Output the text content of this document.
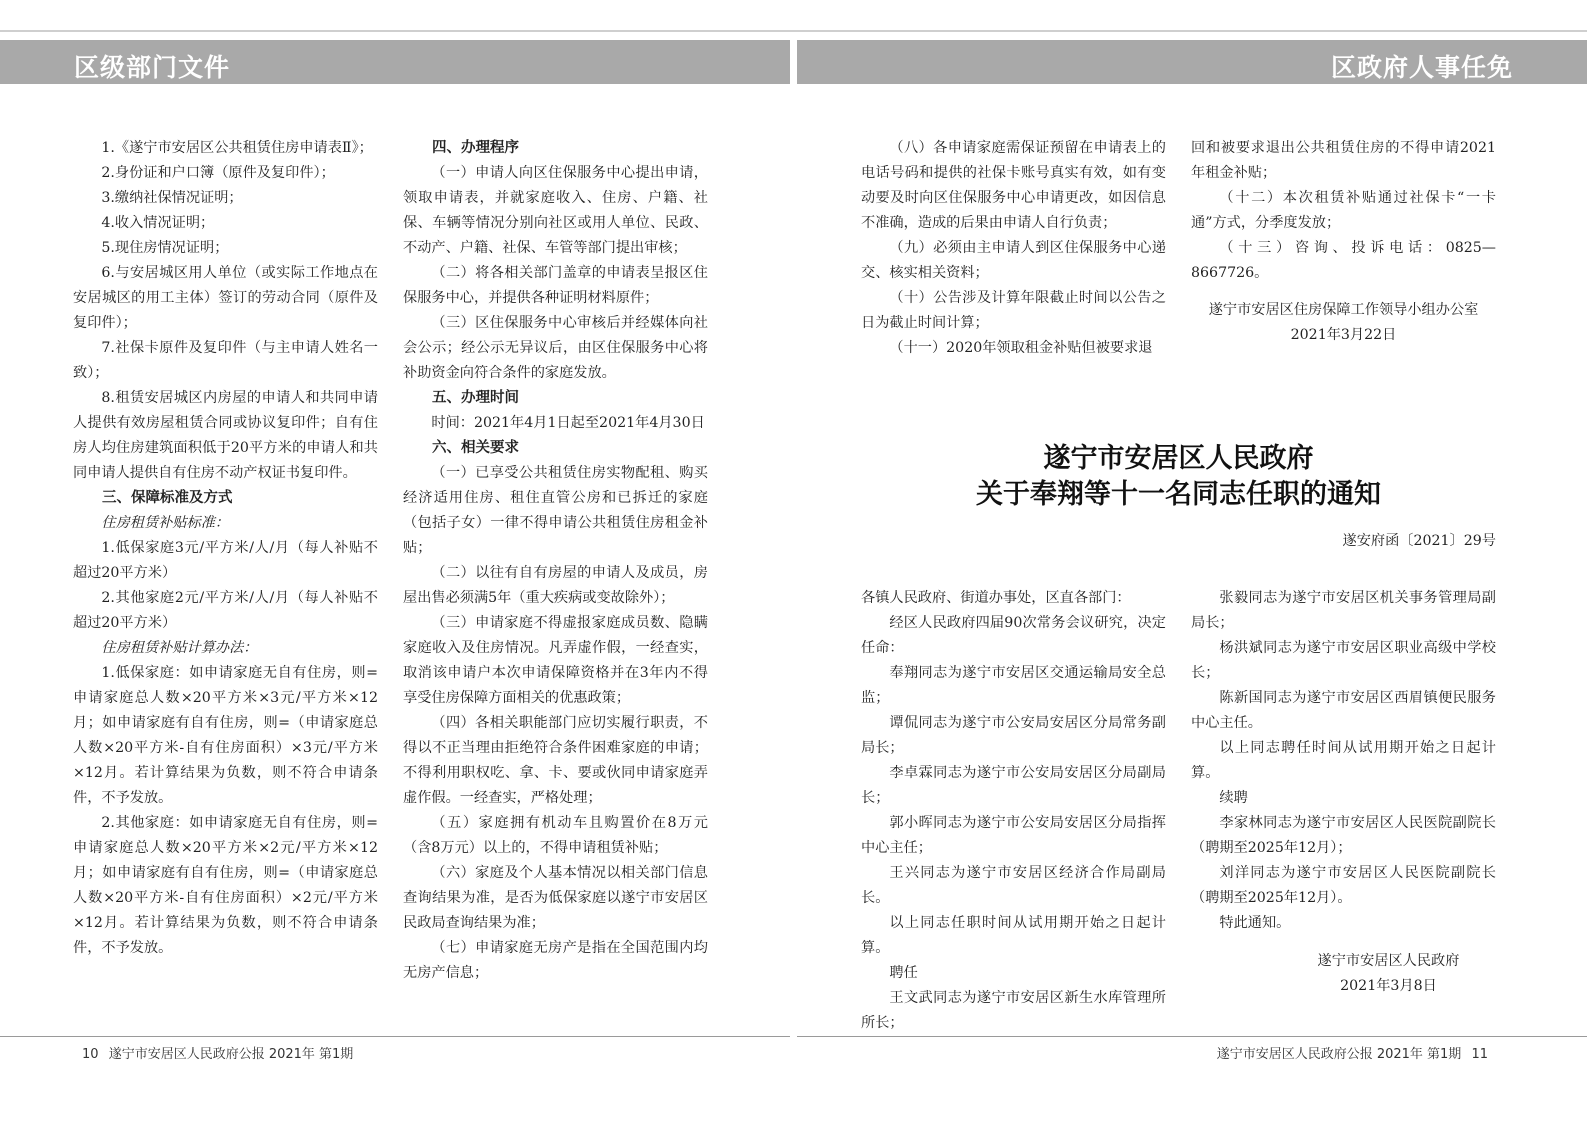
区级部门文件	区政府人事任免

1.《遂宁市安居区公共租赁住房申请表Ⅱ》；

2.身份证和户口簿（原件及复印件）；

3.缴纳社保情况证明；

4.收入情况证明；

5.现住房情况证明；

6.与安居城区用人单位（或实际工作地点在安居城区的用工主体）签订的劳动合同（原件及复印件）；

7.社保卡原件及复印件（与主申请人姓名一致）；

8.租赁安居城区内房屋的申请人和共同申请人提供有效房屋租赁合同或协议复印件；自有住房人均住房建筑面积低于20平方米的申请人和共同申请人提供自有住房不动产权证书复印件。

三、保障标准及方式

住房租赁补贴标准：

1.低保家庭3元/平方米/人/月（每人补贴不超过20平方米）

2.其他家庭2元/平方米/人/月（每人补贴不超过20平方米）

住房租赁补贴计算办法：

1.低保家庭：如申请家庭无自有住房，则=申请家庭总人数×20平方米×3元/平方米×12月；如申请家庭有自有住房，则=（申请家庭总人数×20平方米-自有住房面积）×3元/平方米×12月。若计算结果为负数，则不符合申请条件，不予发放。

2.其他家庭：如申请家庭无自有住房，则=申请家庭总人数×20平方米×2元/平方米×12月；如申请家庭有自有住房，则=（申请家庭总人数×20平方米-自有住房面积）×2元/平方米×12月。若计算结果为负数，则不符合申请条件，不予发放。

四、办理程序

（一）申请人向区住保服务中心提出申请，领取申请表，并就家庭收入、住房、户籍、社保、车辆等情况分别向社区或用人单位、民政、不动产、户籍、社保、车管等部门提出审核；

（二）将各相关部门盖章的申请表呈报区住保服务中心，并提供各种证明材料原件；

（三）区住保服务中心审核后并经媒体向社会公示；经公示无异议后，由区住保服务中心将补助资金向符合条件的家庭发放。

五、办理时间

时间：2021年4月1日起至2021年4月30日

六、相关要求

（一）已享受公共租赁住房实物配租、购买经济适用住房、租住直管公房和已拆迁的家庭（包括子女）一律不得申请公共租赁住房租金补贴；

（二）以往有自有房屋的申请人及成员，房屋出售必须满5年（重大疾病或变故除外）；

（三）申请家庭不得虚报家庭成员数、隐瞒家庭收入及住房情况。凡弄虚作假，一经查实，取消该申请户本次申请保障资格并在3年内不得享受住房保障方面相关的优惠政策；

（四）各相关职能部门应切实履行职责，不得以不正当理由拒绝符合条件困难家庭的申请；不得利用职权吃、拿、卡、要或伙同申请家庭弄虚作假。一经查实，严格处理；

（五）家庭拥有机动车且购置价在8万元（含8万元）以上的，不得申请租赁补贴；

（六）家庭及个人基本情况以相关部门信息查询结果为准，是否为低保家庭以遂宁市安居区民政局查询结果为准；

（七）申请家庭无房产是指在全国范围内均无房产信息；

（八）各申请家庭需保证预留在申请表上的电话号码和提供的社保卡账号真实有效，如有变动要及时向区住保服务中心申请更改，如因信息不准确，造成的后果由申请人自行负责；

（九）必须由主申请人到区住保服务中心递交、核实相关资料；

（十）公告涉及计算年限截止时间以公告之日为截止时间计算；

（十一）2020年领取租金补贴但被要求退

回和被要求退出公共租赁住房的不得申请2021年租金补贴；

（十二）本次租赁补贴通过社保卡“一卡通”方式，分季度发放；

（十三）咨询、投诉电话：0825—8667726。

遂宁市安居区住房保障工作领导小组办公室

2021年3月22日

遂宁市安居区人民政府
关于奉翔等十一名同志任职的通知
遂安府函〔2021〕29号

各镇人民政府、街道办事处，区直各部门：

经区人民政府四届90次常务会议研究，决定任命：

奉翔同志为遂宁市安居区交通运输局安全总监；

谭侃同志为遂宁市公安局安居区分局常务副局长；

李卓霖同志为遂宁市公安局安居区分局副局长；

郭小晖同志为遂宁市公安局安居区分局指挥中心主任；

王兴同志为遂宁市安居区经济合作局副局长。

以上同志任职时间从试用期开始之日起计算。

聘任

王文武同志为遂宁市安居区新生水库管理所所长；

张毅同志为遂宁市安居区机关事务管理局副局长；

杨洪斌同志为遂宁市安居区职业高级中学校长；

陈新国同志为遂宁市安居区西眉镇便民服务中心主任。

以上同志聘任时间从试用期开始之日起计算。

续聘

李家林同志为遂宁市安居区人民医院副院长（聘期至2025年12月）；

刘洋同志为遂宁市安居区人民医院副院长（聘期至2025年12月）。

特此通知。

遂宁市安居区人民政府

2021年3月8日

10 遂宁市安居区人民政府公报 2021年 第1期	遂宁市安居区人民政府公报 2021年 第1期 11
